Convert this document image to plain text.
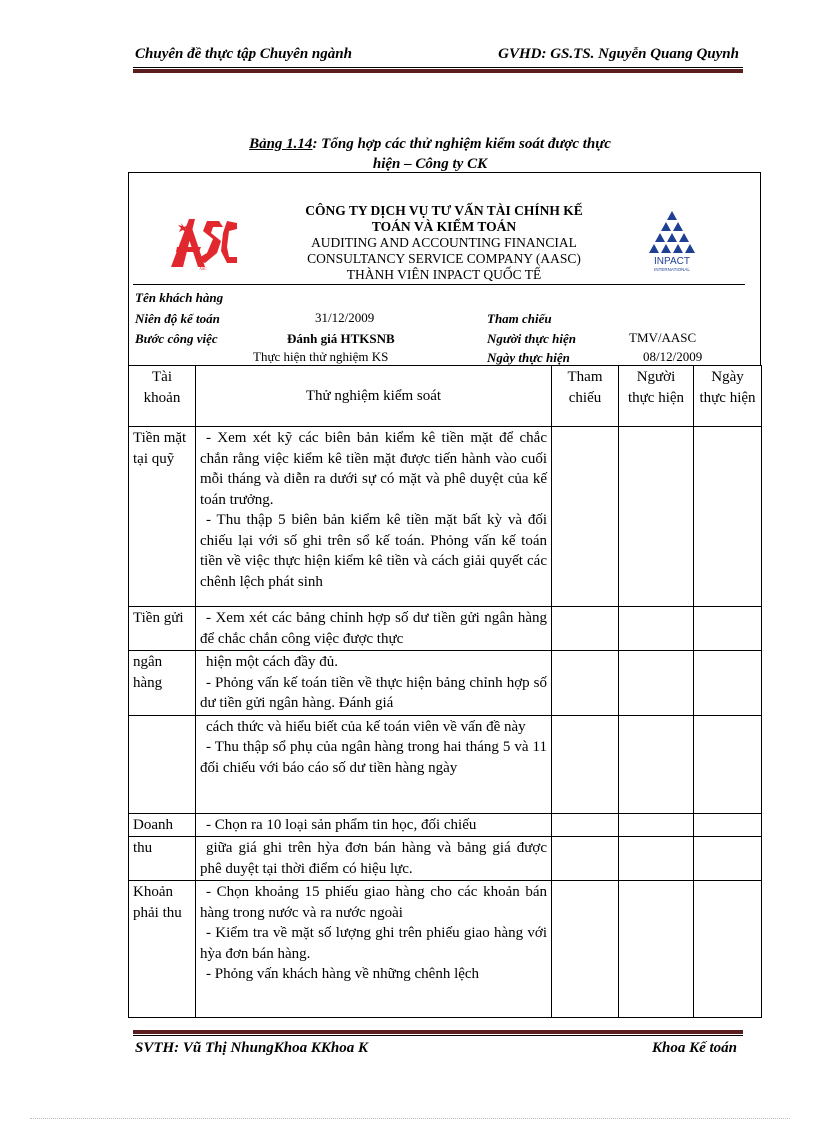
Chuyên đề thực tập Chuyên ngành	GVHD: GS.TS. Nguyễn Quang Quynh
Bảng 1.14: Tổng hợp các thử nghiệm kiểm soát được thực
hiện – Công ty CK
ASC
CÔNG TY DỊCH VỤ TƯ VẤN TÀI CHÍNH KẾ
TOÁN VÀ KIỂM TOÁN
AUDITING AND ACCOUNTING FINANCIAL
CONSULTANCY SERVICE COMPANY (AASC)
THÀNH VIÊN INPACT QUỐC TẾ
INPACT
INTERNATIONAL
Tên khách hàng
Niên độ kế toán	31/12/2009	Tham chiếu
Bước công việc	Đánh giá HTKSNB	Người thực hiện	TMV/AASC
Thực hiện thử nghiệm KS	Ngày thực hiện	08/12/2009
Tài khoản	Thử nghiệm kiểm soát	Tham chiếu	Người thực hiện	Ngày thực hiện
Tiền mặt tại quỹ	- Xem xét kỹ các biên bản kiểm kê tiền mặt để chắc chắn rằng việc kiểm kê tiền mặt được tiến hành vào cuối mỗi tháng và diễn ra dưới sự có mặt và phê duyệt của kế toán trưởng.
- Thu thập 5 biên bản kiểm kê tiền mặt bất kỳ và đối chiếu lại với số ghi trên sổ kế toán. Phỏng vấn kế toán tiền về việc thực hiện kiểm kê tiền và cách giải quyết các chênh lệch phát sinh			

Tiền gửi	- Xem xét các bảng chỉnh hợp số dư tiền gửi ngân hàng để chắc chắn công việc được thực			

ngân hàng	hiện một cách đầy đủ.
- Phỏng vấn kế toán tiền về thực hiện bảng chỉnh hợp số dư tiền gửi ngân hàng. Đánh giá			

	cách thức và hiểu biết của kế toán viên về vấn đề này
- Thu thập sổ phụ của ngân hàng trong hai tháng 5 và 11 đối chiếu với báo cáo số dư tiền hàng ngày			

Doanh	- Chọn ra 10 loại sản phẩm tin học, đối chiếu			

thu	giữa giá ghi trên hỳa đơn bán hàng và bảng giá được phê duyệt tại thời điểm có hiệu lực.			

Khoản phải thu	- Chọn khoảng 15 phiếu giao hàng cho các khoản bán hàng trong nước và ra nước ngoài
- Kiểm tra về mặt số lượng ghi trên phiếu giao hàng với hỳa đơn bán hàng.
- Phỏng vấn khách hàng về những chênh lệch			

SVTH: Vũ Thị NhungKhoa KKhoa K	Khoa Kế toán
